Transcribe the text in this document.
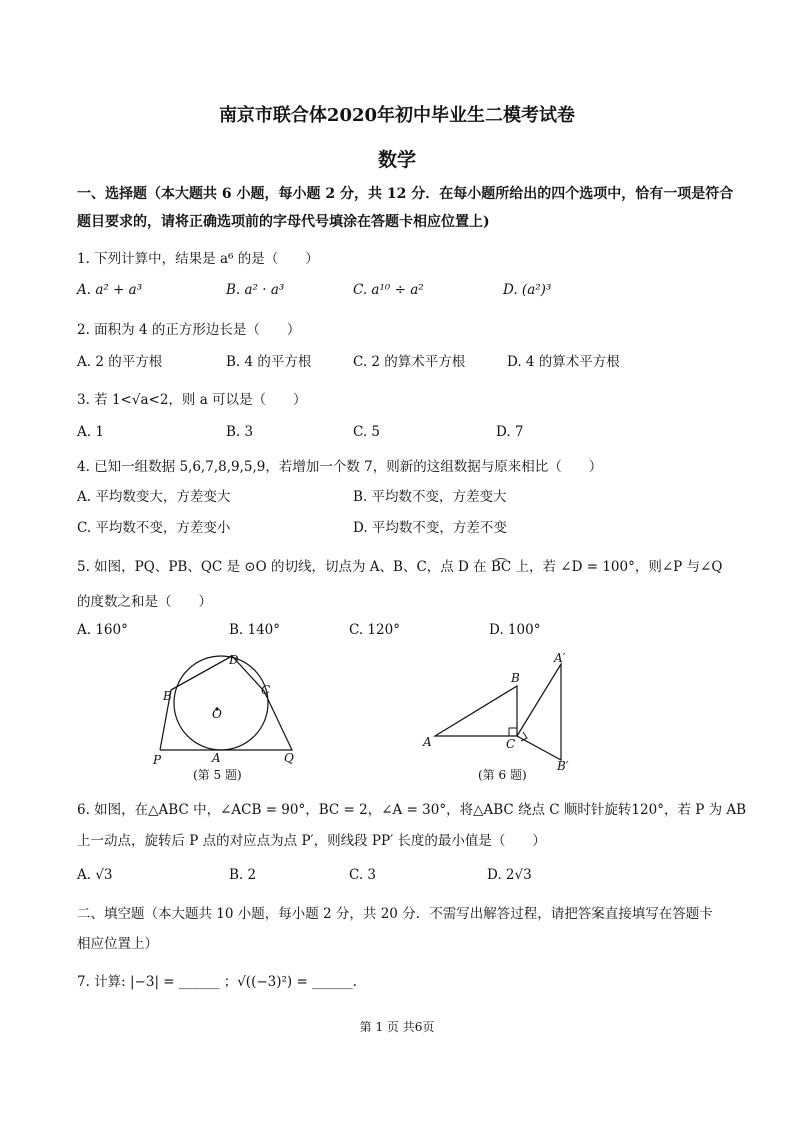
南京市联合体2020年初中毕业生二模考试卷
数学
一、选择题（本大题共 6 小题，每小题 2 分，共 12 分．在每小题所给出的四个选项中，恰有一项是符合
题目要求的，请将正确选项前的字母代号填涂在答题卡相应位置上)
1. 下列计算中，结果是 a⁶ 的是（　　）
A. a² + a³	B. a² · a³	C. a¹⁰ ÷ a²	D. (a²)³
2. 面积为 4 的正方形边长是（　　）
A. 2 的平方根	B. 4 的平方根	C. 2 的算术平方根	D. 4 的算术平方根
3. 若 1<√a<2，则 a 可以是（　　）
A. 1	B. 3	C. 5	D. 7
4. 已知一组数据 5,6,7,8,9,5,9，若增加一个数 7，则新的这组数据与原来相比（　　）
A. 平均数变大，方差变大	B. 平均数不变，方差变大
C. 平均数不变，方差变小	D. 平均数不变，方差不变
5. 如图，PQ、PB、QC 是 ⊙O 的切线，切点为 A、B、C，点 D 在 B͡C 上，若 ∠D = 100°，则∠P 与∠Q
的度数之和是（　　）
A. 160°	B. 140°	C. 120°	D. 100°
D
C
B
O
P	A	Q
(第 5 题)
A′
B
A	C
B′
(第 6 题)
6. 如图，在△ABC 中，∠ACB = 90°，BC = 2，∠A = 30°，将△ABC 绕点 C 顺时针旋转120°，若 P 为 AB
上一动点，旋转后 P 点的对应点为点 P′，则线段 PP′ 长度的最小值是（　　）
A. √3	B. 2	C. 3	D. 2√3
二、填空题（本大题共 10 小题，每小题 2 分，共 20 分．不需写出解答过程，请把答案直接填写在答题卡
相应位置上）
7. 计算: |−3| = ______ ；√((−3)²) = ______.
第 1 页 共6页
